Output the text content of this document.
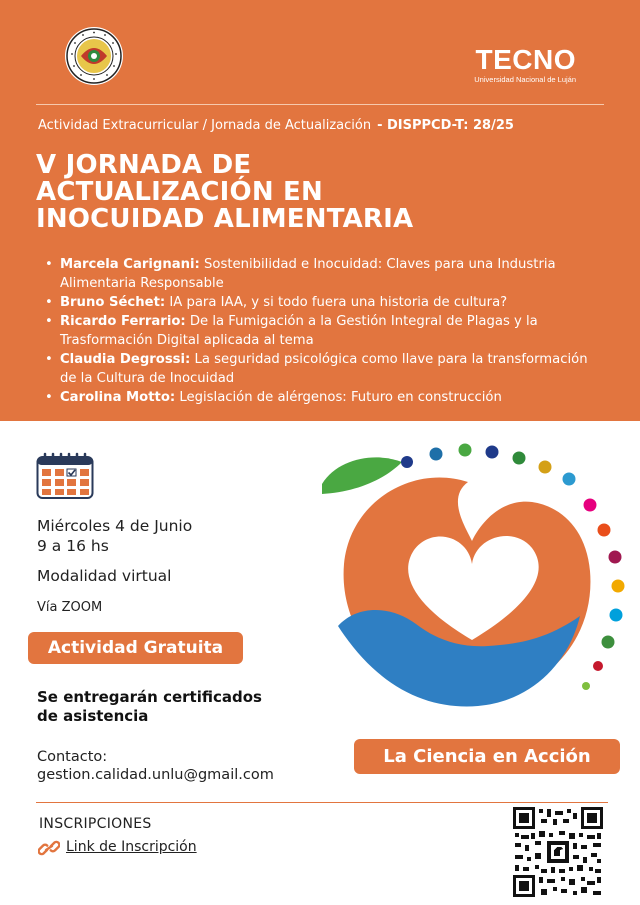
TECNO
Universidad Nacional de Luján
Actividad Extracurricular / Jornada de Actualización - DISPPCD-T: 28/25
V JORNADA DE
ACTUALIZACIÓN EN
INOCUIDAD ALIMENTARIA
• Marcela Carignani: Sostenibilidad e Inocuidad: Claves para una Industria Alimentaria Responsable
• Bruno Séchet: IA para IAA, y si todo fuera una historia de cultura?
• Ricardo Ferrario: De la Fumigación a la Gestión Integral de Plagas y la Trasformación Digital aplicada al tema
• Claudia Degrossi: La seguridad psicológica como llave para la transformación de la Cultura de Inocuidad
• Carolina Motto: Legislación de alérgenos: Futuro en construcción
Miércoles 4 de Junio
9 a 16 hs
Modalidad virtual
Vía ZOOM
Actividad Gratuita
Se entregarán certificados
de asistencia
Contacto:
gestion.calidad.unlu@gmail.com
INSCRIPCIONES
Link de Inscripción
La Ciencia en Acción
